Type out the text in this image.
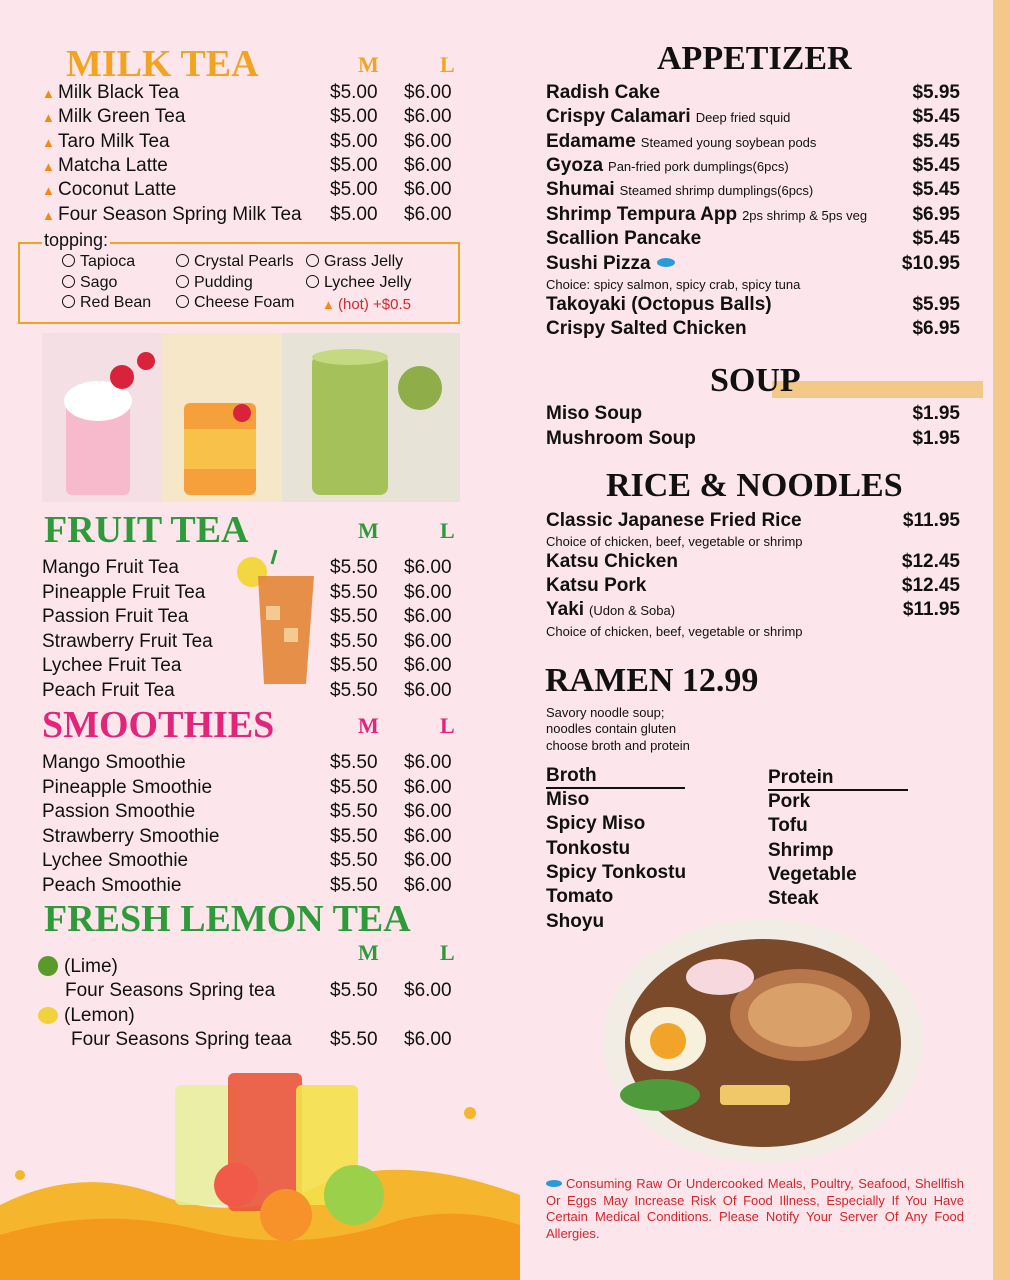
MILK TEA	M	L
▲ Milk Black Tea	$5.00 $6.00
▲ Milk Green Tea	$5.00 $6.00
▲ Taro Milk Tea	$5.00 $6.00
▲ Matcha Latte	$5.00 $6.00
▲ Coconut Latte	$5.00 $6.00
▲ Four Season Spring Milk Tea $5.00 $6.00
topping:
Tapioca	Crystal Pearls	Grass Jelly
Sago	Pudding	Lychee Jelly
Red Bean	Cheese Foam ▲ (hot) +$0.5
FRUIT TEA	M	L
Mango Fruit Tea	$5.50 $6.00
Pineapple Fruit Tea	$5.50 $6.00
Passion Fruit Tea	$5.50 $6.00
Strawberry Fruit Tea	$5.50 $6.00
Lychee Fruit Tea	$5.50 $6.00
Peach Fruit Tea	$5.50 $6.00
SMOOTHIES	M	L
Mango Smoothie	$5.50 $6.00
Pineapple Smoothie	$5.50 $6.00
Passion Smoothie	$5.50 $6.00
Strawberry Smoothie	$5.50 $6.00
Lychee Smoothie	$5.50 $6.00
Peach Smoothie	$5.50 $6.00
FRESH LEMON TEA
M	L
(Lime)
Four Seasons Spring tea	$5.50 $6.00
(Lemon)
Four Seasons Spring teaa $5.50 $6.00
APPETIZER
Radish Cake	$5.95
Crispy Calamari Deep fried squid	$5.45
Edamame Steamed young soybean pods	$5.45
Gyoza Pan-fried pork dumplings(6pcs)	$5.45
Shumai Steamed shrimp dumplings(6pcs)	$5.45
Shrimp Tempura App 2ps shrimp & 5ps veg $6.95
Scallion Pancake	$5.45
Sushi Pizza	$10.95
Choice: spicy salmon, spicy crab, spicy tuna
Takoyaki (Octopus Balls)	$5.95
Crispy Salted Chicken	$6.95
SOUP
Miso Soup	$1.95
Mushroom Soup	$1.95
RICE & NOODLES
Classic Japanese Fried Rice	$11.95
Choice of chicken, beef, vegetable or shrimp
Katsu Chicken	$12.45
Katsu Pork	$12.45
Yaki (Udon & Soba)	$11.95
Choice of chicken, beef, vegetable or shrimp
RAMEN 12.99
Savory noodle soup;
noodles contain gluten
choose broth and protein
Broth
Miso
Spicy Miso
Tonkostu
Spicy Tonkostu
Tomato
Shoyu
Protein
Pork
Tofu
Shrimp
Vegetable
Steak
Consuming Raw Or Undercooked Meals, Poultry, Seafood, Shellfish Or Eggs May Increase Risk Of Food Illness, Especially If You Have Certain Medical Conditions. Please Notify Your Server Of Any Food Allergies.
